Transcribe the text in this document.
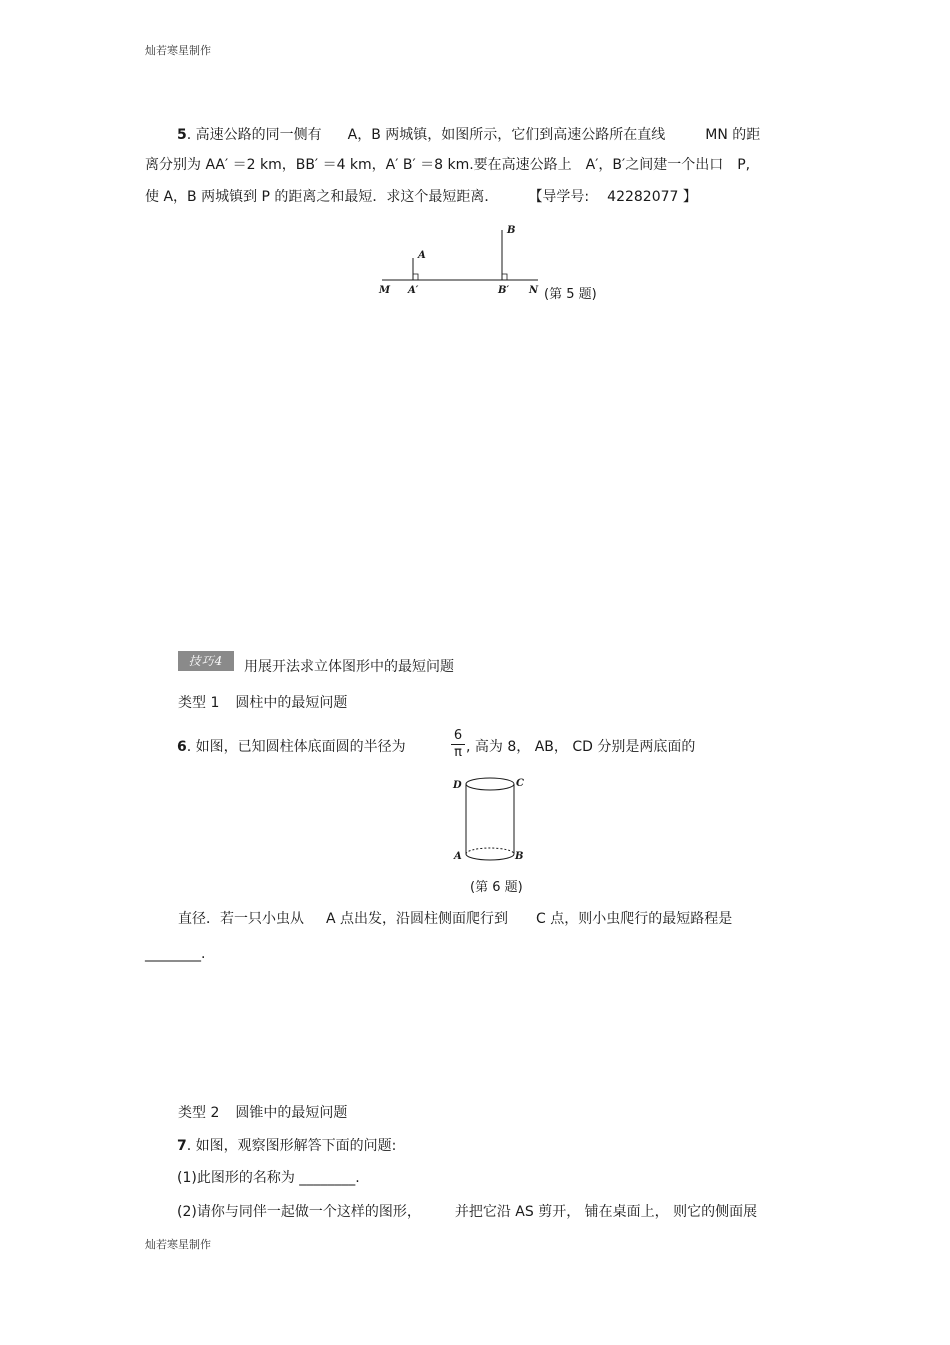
灿若寒星制作
5. 高速公路的同一侧有 A，B 两城镇，如图所示，它们到高速公路所在直线	MN 的距
离分别为 AA′ ＝2 km，BB′ ＝4 km，A′ B′ ＝8 km.要在高速公路上 A′，B′之间建一个出口 P,
使 A，B 两城镇到 P 的距离之和最短．求这个最短距离． 【导学号: 42282077 】
A
B
M A′	B′ N (第 5 题)
技巧4	用展开法求立体图形中的最短问题
类型 1 圆柱中的最短问题
6. 如图，已知圆柱体底面圆的半径为
6
π , 高为 8， AB， CD 分别是两底面的
D	C
A	B
(第 6 题)
直径．若一只小虫从 A 点出发，沿圆柱侧面爬行到 C 点，则小虫爬行的最短路程是
________.
类型 2 圆锥中的最短问题
7. 如图，观察图形解答下面的问题:
(1)此图形的名称为 ________.
(2)请你与同伴一起做一个这样的图形， 并把它沿 AS 剪开， 铺在桌面上， 则它的侧面展
灿若寒星制作
